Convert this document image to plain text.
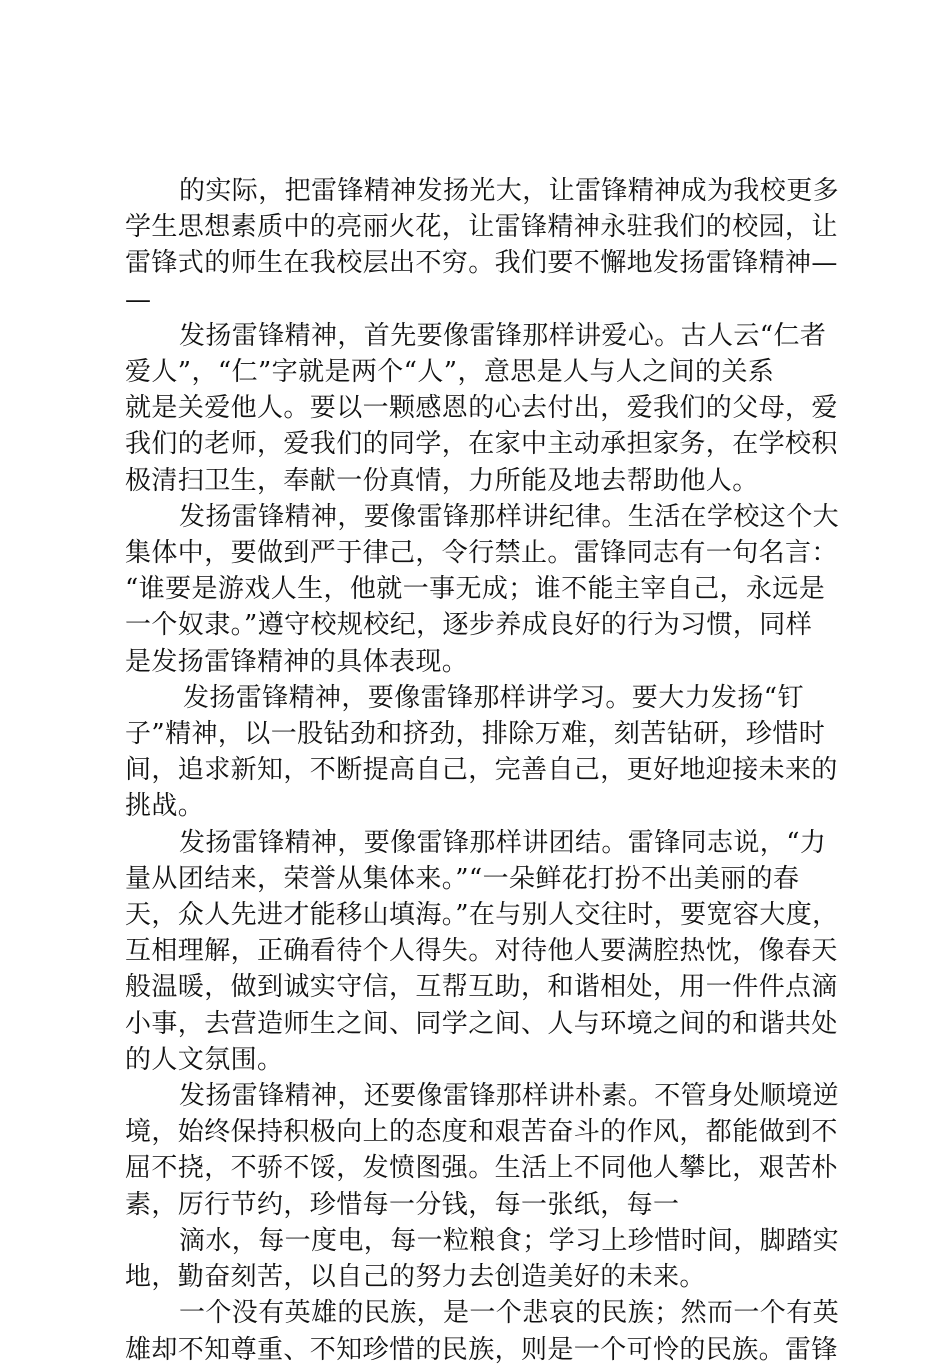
的实际，把雷锋精神发扬光大，让雷锋精神成为我校更多
学生思想素质中的亮丽火花，让雷锋精神永驻我们的校园，让
雷锋式的师生在我校层出不穷。我们要不懈地发扬雷锋精神—
—
发扬雷锋精神，首先要像雷锋那样讲爱心。古人云“仁者
爱人”，“仁”字就是两个“人”，意思是人与人之间的关系
就是关爱他人。要以一颗感恩的心去付出，爱我们的父母，爱
我们的老师，爱我们的同学，在家中主动承担家务，在学校积
极清扫卫生，奉献一份真情，力所能及地去帮助他人。
发扬雷锋精神，要像雷锋那样讲纪律。生活在学校这个大
集体中，要做到严于律己，令行禁止。雷锋同志有一句名言：
“谁要是游戏人生，他就一事无成；谁不能主宰自己，永远是
一个奴隶。”遵守校规校纪，逐步养成良好的行为习惯，同样
是发扬雷锋精神的具体表现。
发扬雷锋精神，要像雷锋那样讲学习。要大力发扬“钉
子”精神，以一股钻劲和挤劲，排除万难，刻苦钻研，珍惜时
间，追求新知，不断提高自己，完善自己，更好地迎接未来的
挑战。
发扬雷锋精神，要像雷锋那样讲团结。雷锋同志说，“力
量从团结来，荣誉从集体来。”“一朵鲜花打扮不出美丽的春
天，众人先进才能移山填海。”在与别人交往时，要宽容大度，
互相理解，正确看待个人得失。对待他人要满腔热忱，像春天
般温暖，做到诚实守信，互帮互助，和谐相处，用一件件点滴
小事，去营造师生之间、同学之间、人与环境之间的和谐共处
的人文氛围。
发扬雷锋精神，还要像雷锋那样讲朴素。不管身处顺境逆
境，始终保持积极向上的态度和艰苦奋斗的作风，都能做到不
屈不挠，不骄不馁，发愤图强。生活上不同他人攀比，艰苦朴
素，厉行节约，珍惜每一分钱，每一张纸，每一
滴水，每一度电，每一粒粮食；学习上珍惜时间，脚踏实
地，勤奋刻苦，以自己的努力去创造美好的未来。
一个没有英雄的民族，是一个悲哀的民族；然而一个有英
雄却不知尊重、不知珍惜的民族，则是一个可怜的民族。雷锋
